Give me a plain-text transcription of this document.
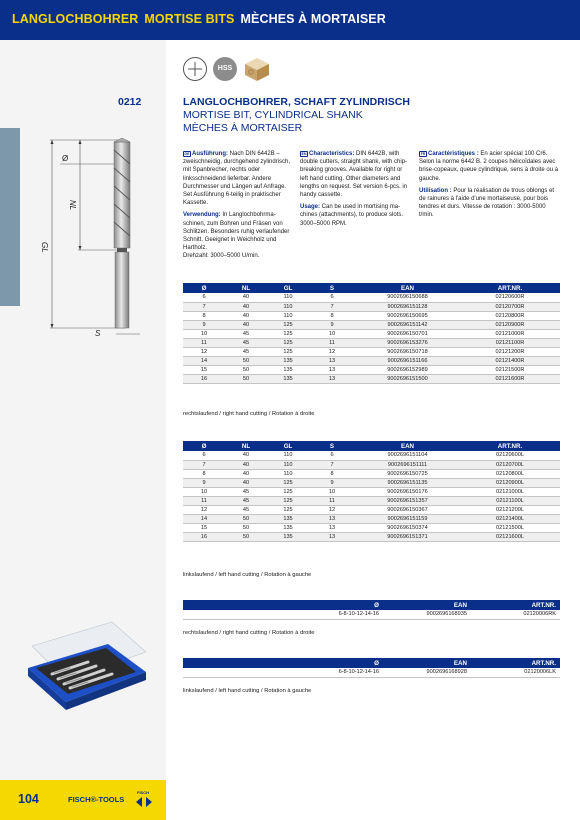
LANGLOCHBOHRER MORTISE BITS MÈCHES À MORTAISER
HSS
0212	LANGLOCHBOHRER, SCHAFT ZYLINDRISCH
MORTISE BIT, CYLINDRICAL SHANK
MÈCHES À MORTAISER
Ø
NL
GL
S

DE Ausführung: Nach DIN 6442B – zweischneidig, durchgehend zylindrisch, mit Spanbrecher, rechts oder linksschneidend lieferbar. Andere Durchmesser und Längen auf Anfrage. Set Ausführung 6-teilig in praktischer Kassette.

Verwendung: In Langlochbohrmaschinen, zum Bohren und Fräsen von Schlitzen. Besonders ruhig verlaufender Schnitt. Geeignet in Weichholz und Hartholz.

Drehzahl: 3000–5000 U/min.

EN Characteristics: DIN 6442B, with double cutters, straight shank, with chip-breaking grooves. Available for right or left hand cutting. Other diameters and lengths on request. Set version 6-pcs. in handy cassette.

Usage: Can be used in mortising machines (attachments), to produce slots. 3000–5000 RPM.

FR Caractéristiques : En acier spécial 100 Cr6. Selon la norme 6442 B. 2 coupes hélicoïdales avec brise-copeaux, queue cylindrique, sens à droite ou à gauche.

Utilisation : Pour la réalisation de trous oblongs et de rainures à l'aide d'une mortaiseuse, pour bois tendres et durs. Vitesse de rotation : 3000-5000 t/min.

Ø	NL	GL	S	EAN	ART.NR.
6	40	110	6	9002696150688	02120600R
7	40	110	7	9002696151128	02120700R
8	40	110	8	9002696150695	02120800R
9	40	125	9	9002696151142	02120900R
10	45	125	10	9002696150701	02121000R
11	45	125	11	9002696153276	02121100R
12	45	125	12	9002696150718	02121200R
14	50	135	13	9002696151166	02121400R
15	50	135	13	9002696152989	02121500R
16	50	135	13	9002696151500	02121600R
rechtslaufend / right hand cutting / Rotation à droite
Ø	NL	GL	S	EAN	ART.NR.
6	40	110	6	9002696151104	02120600L
7	40	110	7	9002696151111	02120700L
8	40	110	8	9002696150725	02120800L
9	40	125	9	9002696151135	02120900L
10	45	125	10	9002696150176	02121000L
11	45	125	11	9002696151357	02121100L
12	45	125	12	9002696150367	02121200L
14	50	135	13	9002696151159	02121400L
15	50	135	13	9002696150374	02121500L
16	50	135	13	9002696151371	02121600L
linkslaufend / left hand cutting / Rotation à gauche
Ø	EAN	ART.NR.
6-8-10-12-14-16	9002696168935	02120006RK
rechtslaufend / right hand cutting / Rotation à droite
Ø	EAN	ART.NR.
6-8-10-12-14-16	9002696168928	02120006LK
linkslaufend / left hand cutting / Rotation à gauche
104	FISCH®-TOOLS
FISCH
